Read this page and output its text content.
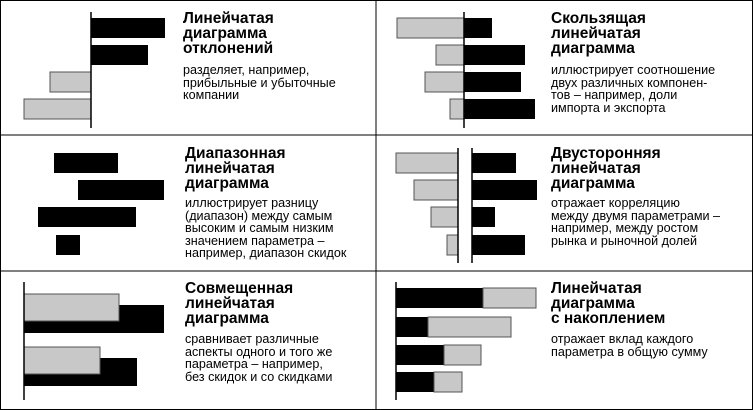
Линейчатая
диаграмма
отклонений
разделяет, например,
прибыльные и убыточные
компании
Скользящая
линейчатая
диаграмма
иллюстрирует соотношение
двух различных компонен-
тов – например, доли
импорта и экспорта
Диапазонная
линейчатая
диаграмма
иллюстрирует разницу
(диапазон) между самым
высоким и самым низким
значением параметра –
например, диапазон скидок
Двусторонняя
линейчатая
диаграмма
отражает корреляцию
между двумя параметрами –
например, между ростом
рынка и рыночной долей
Совмещенная
линейчатая
диаграмма
сравнивает различные
аспекты одного и того же
параметра – например,
без скидок и со скидками
Линейчатая
диаграмма
с накоплением
отражает вклад каждого
параметра в общую сумму
